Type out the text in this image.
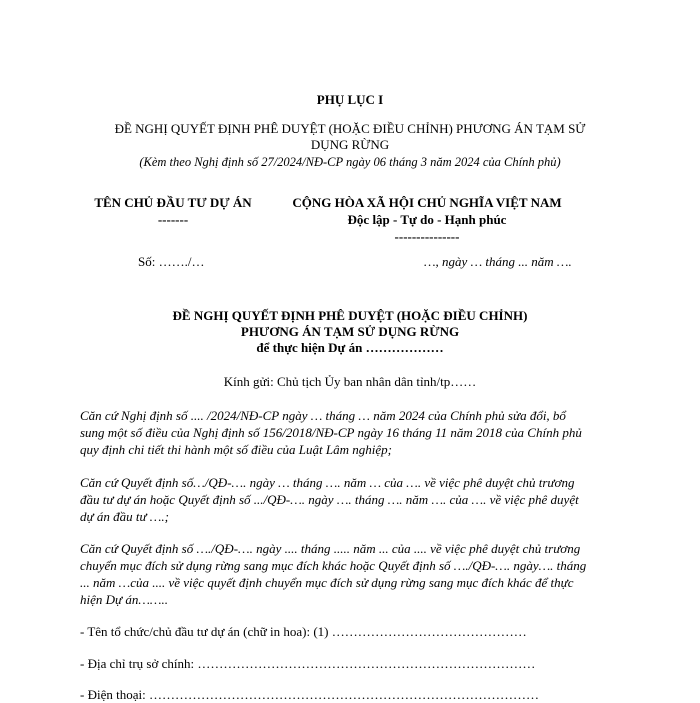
PHỤ LỤC I
ĐỀ NGHỊ QUYẾT ĐỊNH PHÊ DUYỆT (HOẶC ĐIỀU CHỈNH) PHƯƠNG ÁN TẠM SỬ
DỤNG RỪNG
(Kèm theo Nghị định số 27/2024/NĐ-CP ngày 06 tháng 3 năm 2024 của Chính phủ)
TÊN CHỦ ĐẦU TƯ DỰ ÁN
-------
CỘNG HÒA XÃ HỘI CHỦ NGHĨA VIỆT NAM
Độc lập - Tự do - Hạnh phúc
---------------
Số: ……./…	…, ngày … tháng ... năm ….
ĐỀ NGHỊ QUYẾT ĐỊNH PHÊ DUYỆT (HOẶC ĐIỀU CHỈNH)
PHƯƠNG ÁN TẠM SỬ DỤNG RỪNG
để thực hiện Dự án ………………
Kính gửi: Chủ tịch Ủy ban nhân dân tỉnh/tp……
Căn cứ Nghị định số .... /2024/NĐ-CP ngày … tháng … năm 2024 của Chính phủ sửa đổi, bổ
sung một số điều của Nghị định số 156/2018/NĐ-CP ngày 16 tháng 11 năm 2018 của Chính phủ
quy định chi tiết thi hành một số điều của Luật Lâm nghiệp;
Căn cứ Quyết định số…/QĐ-…. ngày … tháng …. năm … của …. về việc phê duyệt chủ trương
đầu tư dự án hoặc Quyết định số .../QĐ-…. ngày …. tháng …. năm …. của …. về việc phê duyệt
dự án đầu tư ….;
Căn cứ Quyết định số …./QĐ-…. ngày .... tháng ..... năm ... của .... về việc phê duyệt chủ trương
chuyển mục đích sử dụng rừng sang mục đích khác hoặc Quyết định số …./QĐ-…. ngày…. tháng
... năm …của .... về việc quyết định chuyển mục đích sử dụng rừng sang mục đích khác để thực
hiện Dự án……..
- Tên tổ chức/chủ đầu tư dự án (chữ in hoa): (1) ………………………………………
- Địa chỉ trụ sở chính: ……………………………………………………………………
- Điện thoại: ………………………………………………………………………………
